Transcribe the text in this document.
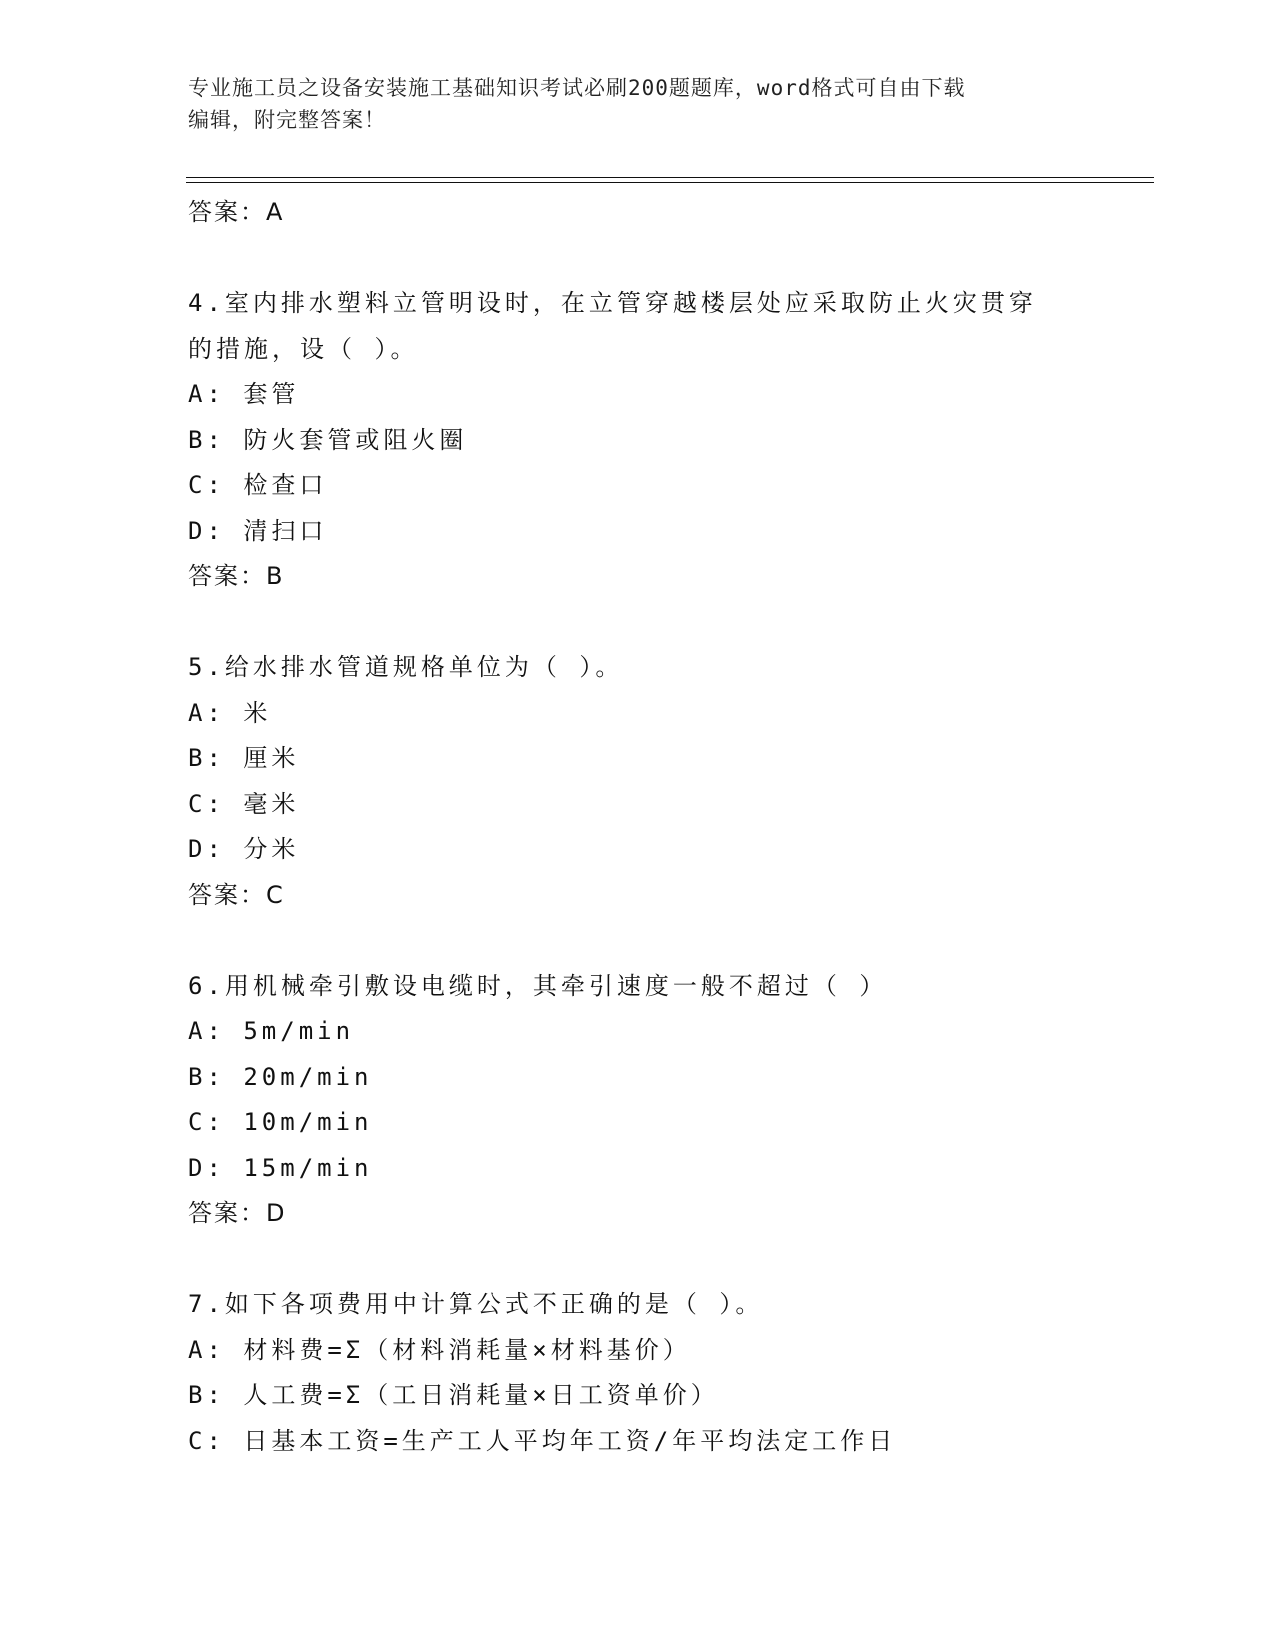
专业施工员之设备安装施工基础知识考试必刷200题题库，word格式可自由下载
编辑，附完整答案！
答案：A
4.室内排水塑料立管明设时，在立管穿越楼层处应采取防止火灾贯穿
的措施，设（ ）。
A: 套管
B: 防火套管或阻火圈
C: 检查口
D: 清扫口
答案：B
5.给水排水管道规格单位为（ ）。
A: 米
B: 厘米
C: 毫米
D: 分米
答案：C
6.用机械牵引敷设电缆时，其牵引速度一般不超过（ ）
A: 5m/min
B: 20m/min
C: 10m/min
D: 15m/min
答案：D
7.如下各项费用中计算公式不正确的是（ ）。
A: 材料费=Σ（材料消耗量×材料基价）
B: 人工费=Σ（工日消耗量×日工资单价）
C: 日基本工资=生产工人平均年工资/年平均法定工作日
